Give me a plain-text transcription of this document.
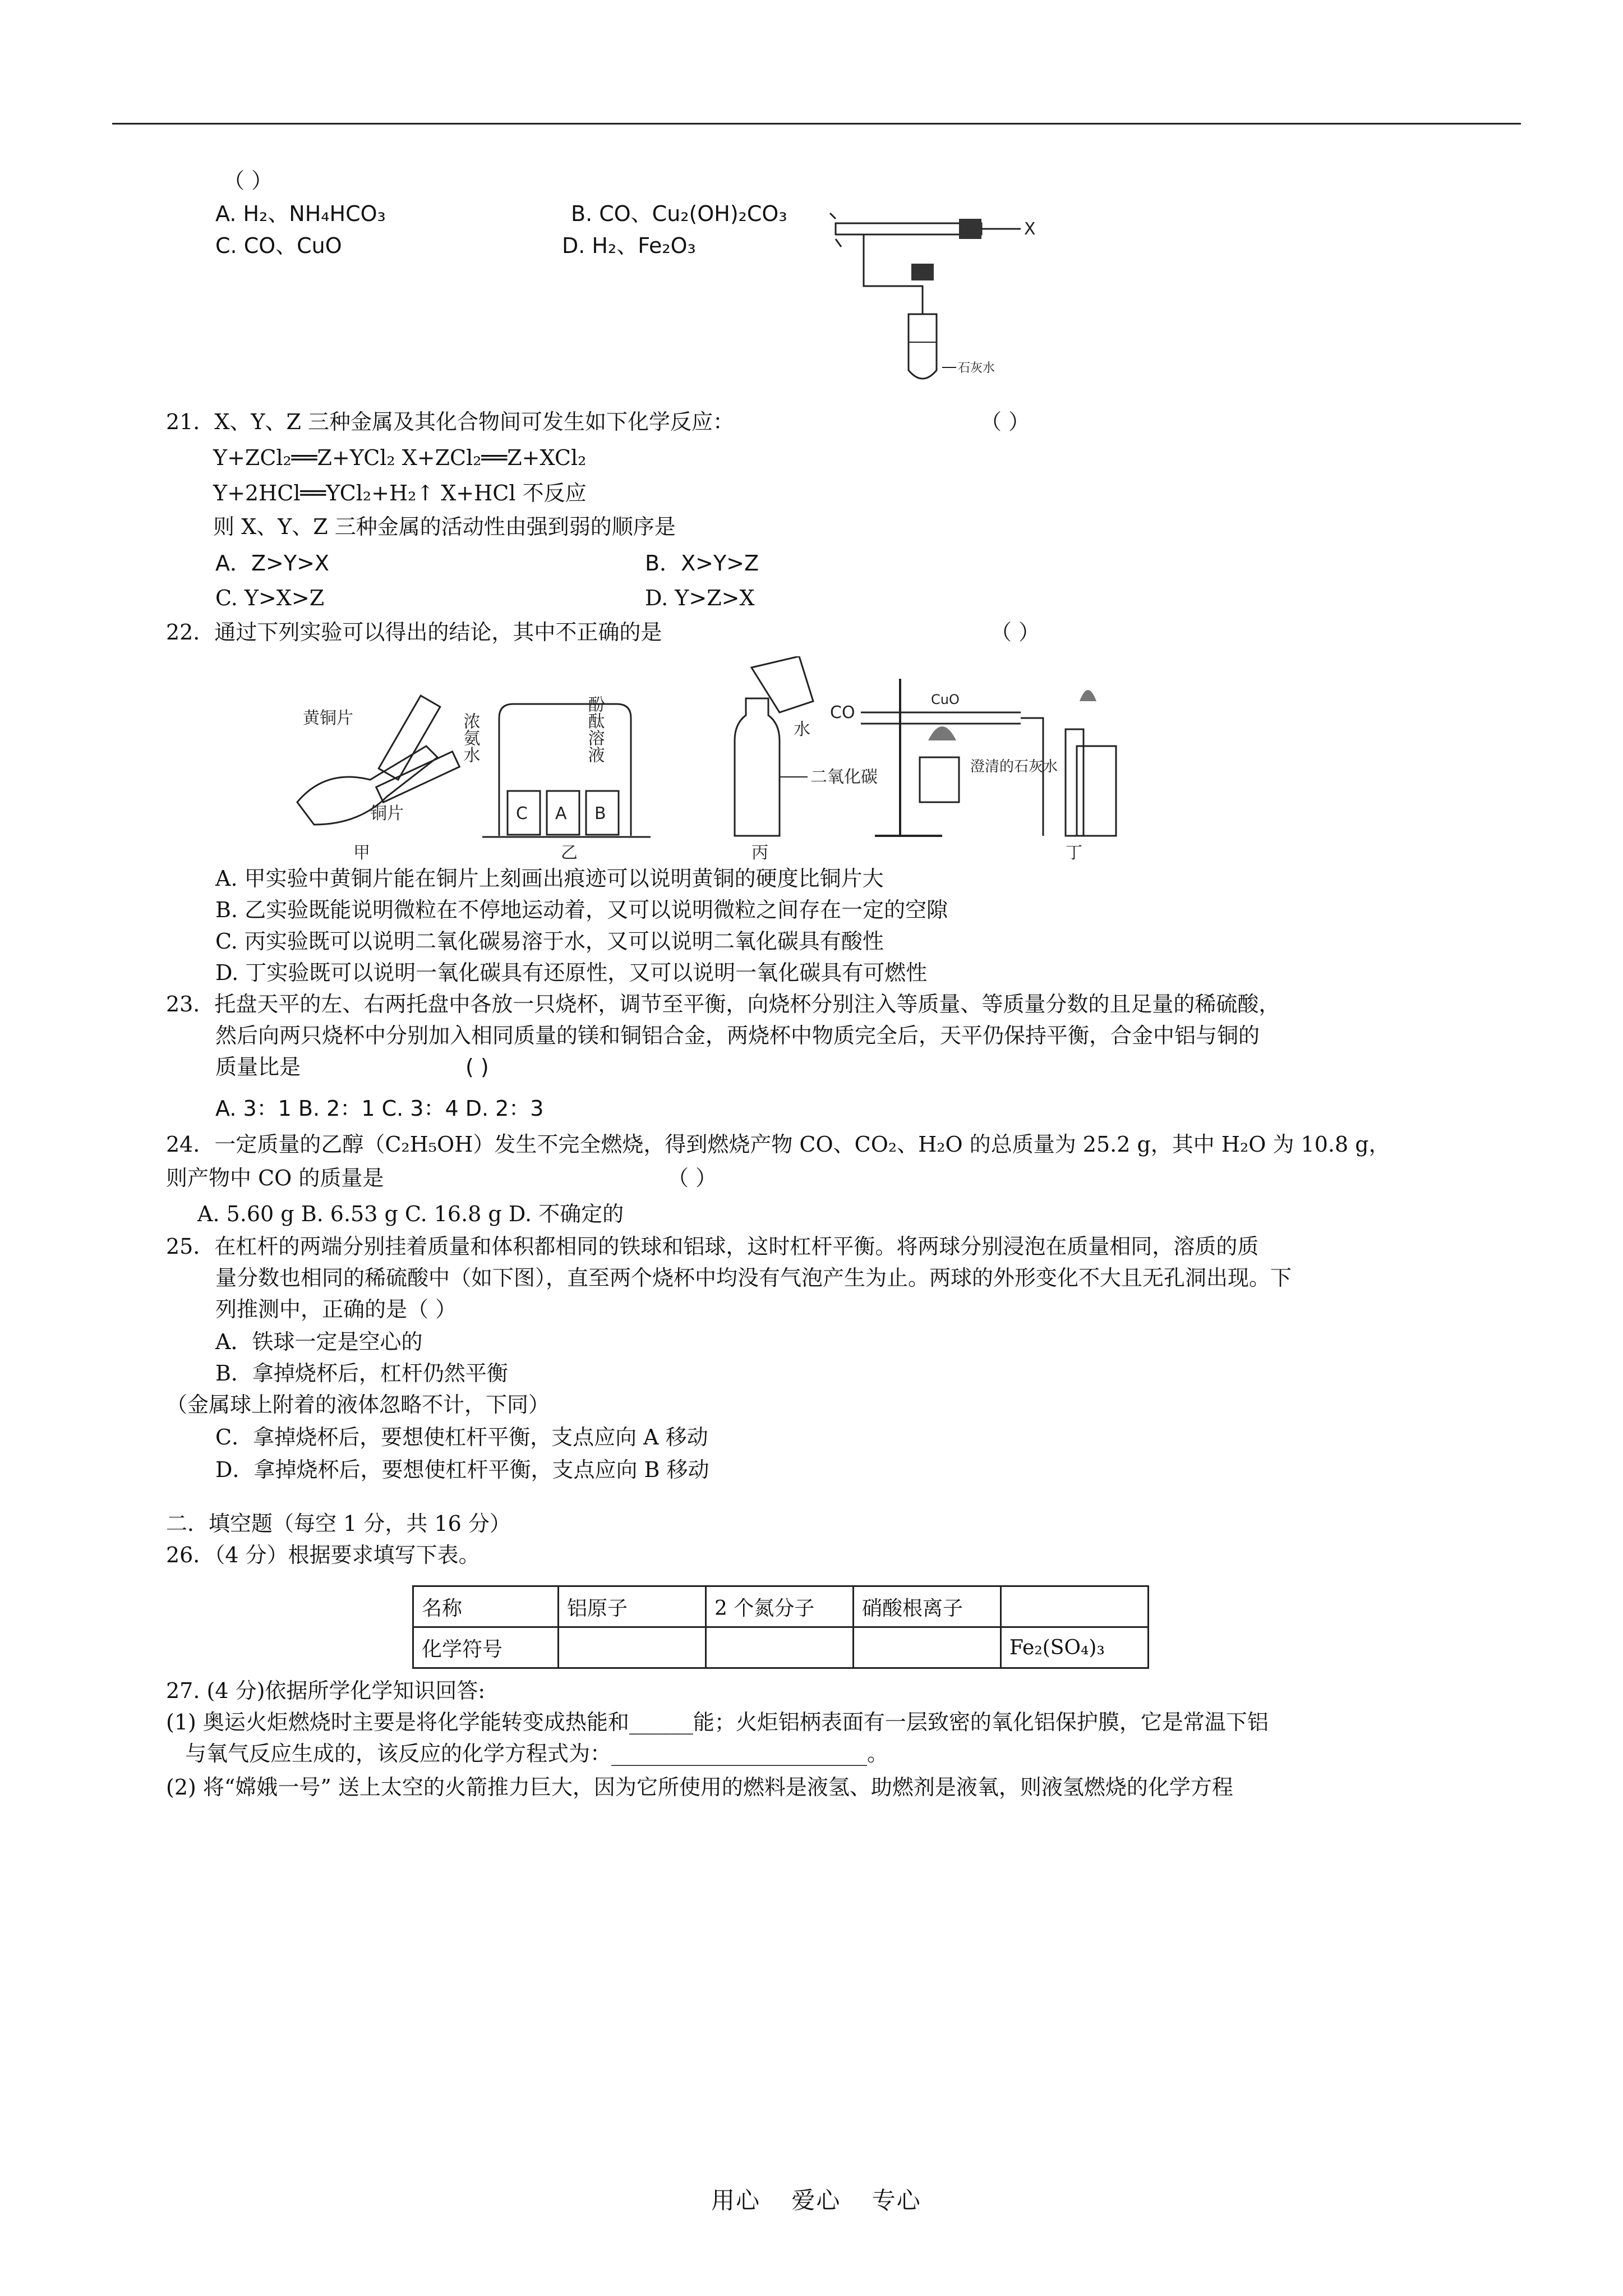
（ ）
A. H₂、NH₄HCO₃	B. CO、Cu₂(OH)₂CO₃
C. CO、CuO	D. H₂、Fe₂O₃
X
石灰水
21．X、Y、Z 三种金属及其化合物间可发生如下化学反应：	（ ）
Y+ZCl₂══Z+YCl₂ X+ZCl₂══Z+XCl₂
Y+2HCl══YCl₂+H₂↑ X+HCl 不反应
则 X、Y、Z 三种金属的活动性由强到弱的顺序是
A．Z>Y>X	B．X>Y>Z
C. Y>X>Z	D. Y>Z>X
22．通过下列实验可以得出的结论，其中不正确的是	（ ）
黄铜片
铜片
甲
C A B
浓氨水	酚酞溶液
乙
二氧化碳
水
丙
CO
CuO
澄清的石灰水
丁
A. 甲实验中黄铜片能在铜片上刻画出痕迹可以说明黄铜的硬度比铜片大
B. 乙实验既能说明微粒在不停地运动着，又可以说明微粒之间存在一定的空隙
C. 丙实验既可以说明二氧化碳易溶于水，又可以说明二氧化碳具有酸性
D. 丁实验既可以说明一氧化碳具有还原性，又可以说明一氧化碳具有可燃性
23．托盘天平的左、右两托盘中各放一只烧杯，调节至平衡，向烧杯分别注入等质量、等质量分数的且足量的稀硫酸，
然后向两只烧杯中分别加入相同质量的镁和铜铝合金，两烧杯中物质完全后，天平仍保持平衡，合金中铝与铜的
质量比是	( )
A. 3：1 B. 2：1 C. 3：4 D. 2：3
24．一定质量的乙醇（C₂H₅OH）发生不完全燃烧，得到燃烧产物 CO、CO₂、H₂O 的总质量为 25.2 g，其中 H₂O 为 10.8 g，
则产物中 CO 的质量是	（ ）
A. 5.60 g B. 6.53 g C. 16.8 g D. 不确定的
25．在杠杆的两端分别挂着质量和体积都相同的铁球和铝球，这时杠杆平衡。将两球分别浸泡在质量相同，溶质的质
量分数也相同的稀硫酸中（如下图），直至两个烧杯中均没有气泡产生为止。两球的外形变化不大且无孔洞出现。下
列推测中，正确的是（ ）
A．铁球一定是空心的
B．拿掉烧杯后，杠杆仍然平衡
（金属球上附着的液体忽略不计，下同）
C．拿掉烧杯后，要想使杠杆平衡，支点应向 A 移动
D．拿掉烧杯后，要想使杠杆平衡，支点应向 B 移动
二．填空题（每空 1 分，共 16 分）
26．（4 分）根据要求填写下表。
名称	铝原子	2 个氮分子	硝酸根离子	
化学符号				Fe₂(SO₄)₃
27. (4 分)依据所学化学知识回答:
(1) 奥运火炬燃烧时主要是将化学能转变成热能和______能；火炬铝柄表面有一层致密的氧化铝保护膜，它是常温下铝
与氧气反应生成的，该反应的化学方程式为：________________________。
(2) 将“嫦娥一号” 送上太空的火箭推力巨大，因为它所使用的燃料是液氢、助燃剂是液氧，则液氢燃烧的化学方程
用心 爱心 专心
